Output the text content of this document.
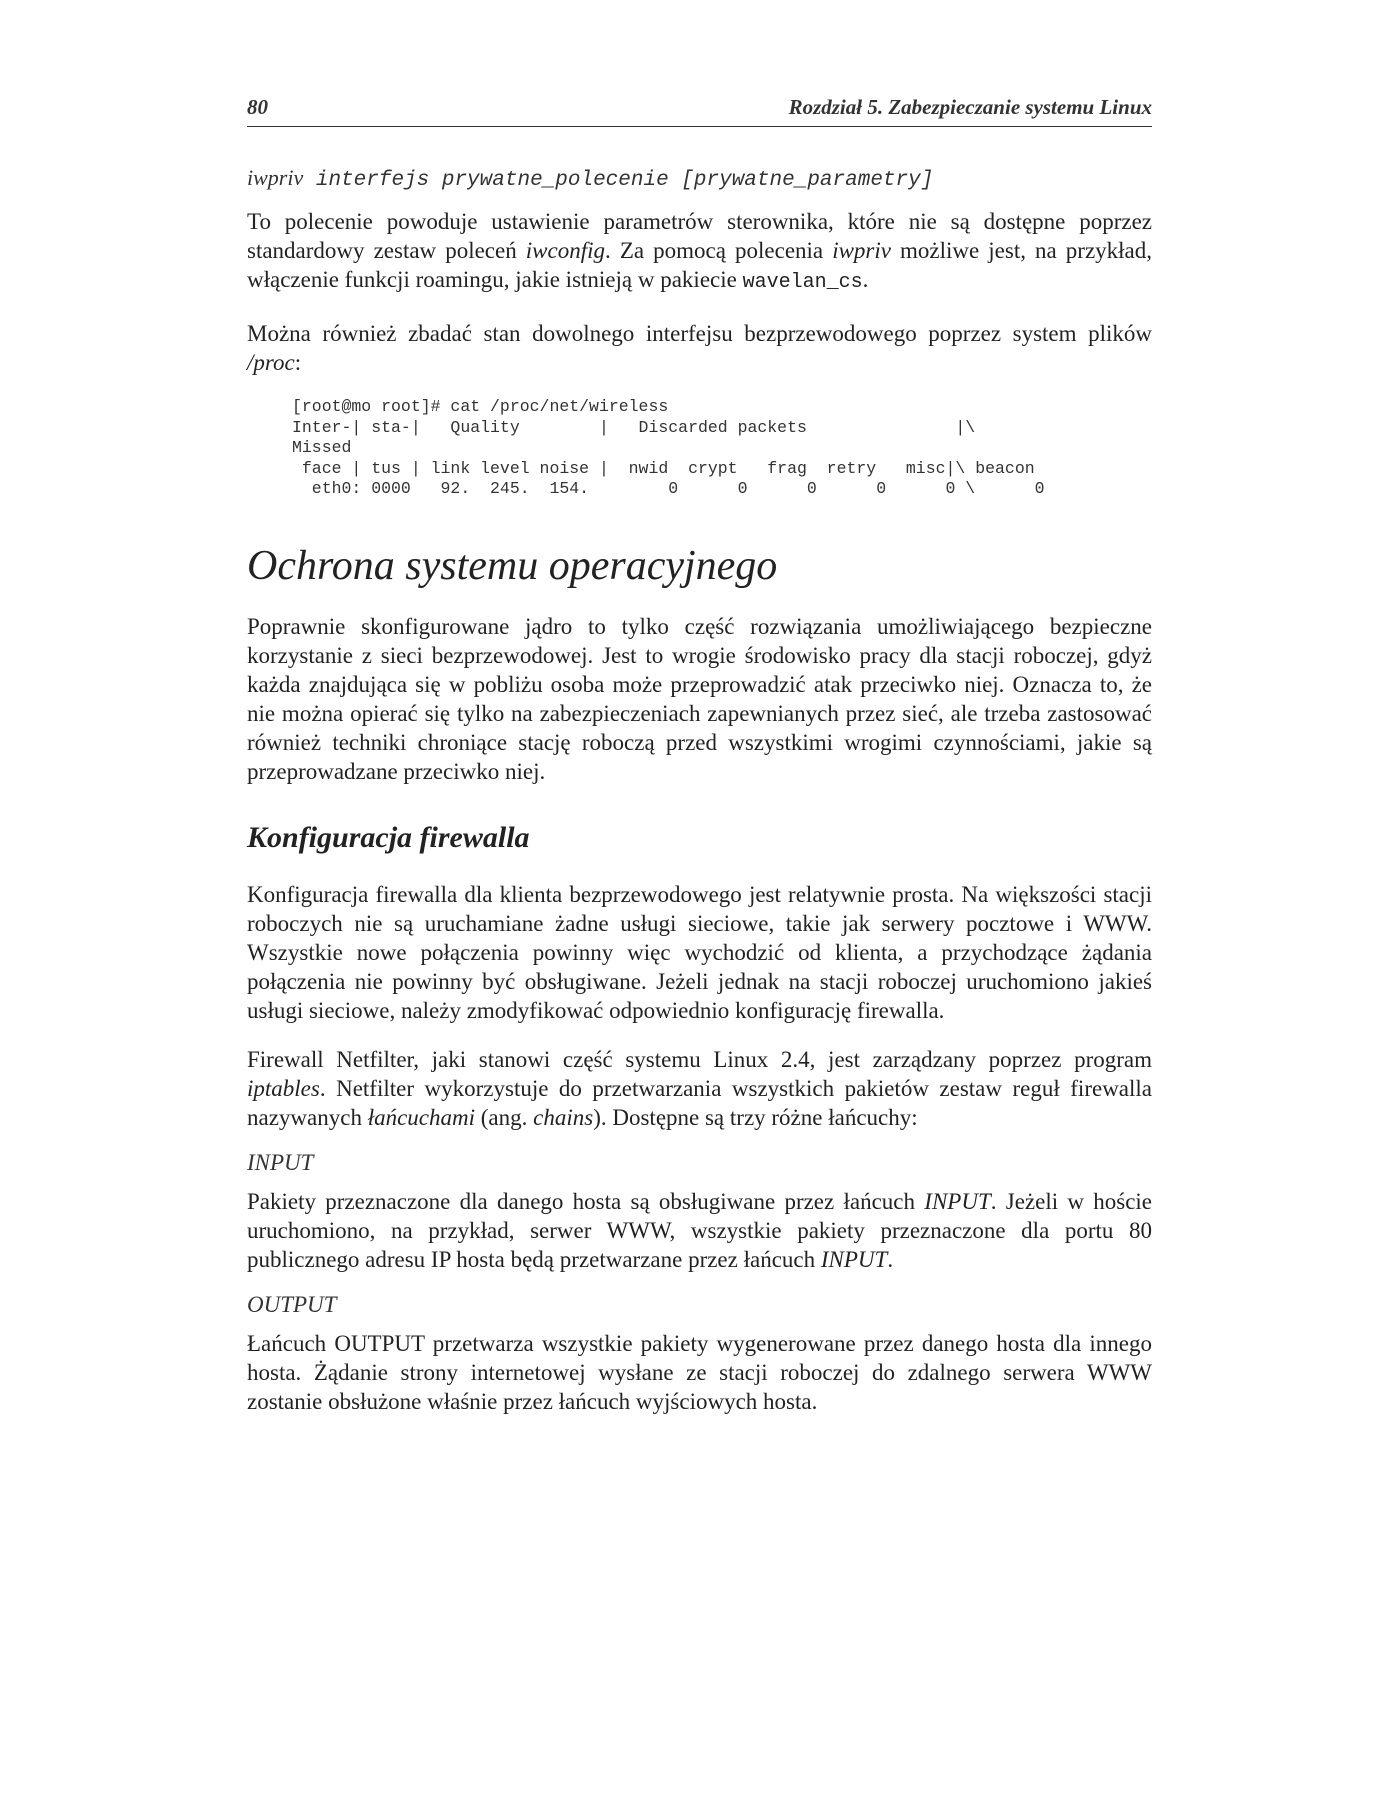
80	Rozdział 5. Zabezpieczanie systemu Linux
iwpriv interfejs prywatne_polecenie [prywatne_parametry]

To polecenie powoduje ustawienie parametrów sterownika, które nie są dostępne poprzez standardowy zestaw poleceń iwconfig. Za pomocą polecenia iwpriv możliwe jest, na przykład, włączenie funkcji roamingu, jakie istnieją w pakiecie wavelan_cs.

Można również zbadać stan dowolnego interfejsu bezprzewodowego poprzez system plików /proc:

[root@mo root]# cat /proc/net/wireless
Inter-| sta-|   Quality        |   Discarded packets               |\
Missed
face | tus | link level noise |  nwid  crypt   frag  retry   misc|\ beacon
eth0: 0000   92.  245.  154.        0      0      0      0      0 \      0
Ochrona systemu operacyjnego

Poprawnie skonfigurowane jądro to tylko część rozwiązania umożliwiającego bezpieczne korzystanie z sieci bezprzewodowej. Jest to wrogie środowisko pracy dla stacji roboczej, gdyż każda znajdująca się w pobliżu osoba może przeprowadzić atak przeciwko niej. Oznacza to, że nie można opierać się tylko na zabezpieczeniach zapewnianych przez sieć, ale trzeba zastosować również techniki chroniące stację roboczą przed wszystkimi wrogimi czynnościami, jakie są przeprowadzane przeciwko niej.

Konfiguracja firewalla

Konfiguracja firewalla dla klienta bezprzewodowego jest relatywnie prosta. Na większości stacji roboczych nie są uruchamiane żadne usługi sieciowe, takie jak serwery pocztowe i WWW. Wszystkie nowe połączenia powinny więc wychodzić od klienta, a przychodzące żądania połączenia nie powinny być obsługiwane. Jeżeli jednak na stacji roboczej uruchomiono jakieś usługi sieciowe, należy zmodyfikować odpowiednio konfigurację firewalla.

Firewall Netfilter, jaki stanowi część systemu Linux 2.4, jest zarządzany poprzez program iptables. Netfilter wykorzystuje do przetwarzania wszystkich pakietów zestaw reguł firewalla nazywanych łańcuchami (ang. chains). Dostępne są trzy różne łańcuchy:

INPUT

Pakiety przeznaczone dla danego hosta są obsługiwane przez łańcuch INPUT. Jeżeli w hoście uruchomiono, na przykład, serwer WWW, wszystkie pakiety przeznaczone dla portu 80 publicznego adresu IP hosta będą przetwarzane przez łańcuch INPUT.

OUTPUT

Łańcuch OUTPUT przetwarza wszystkie pakiety wygenerowane przez danego hosta dla innego hosta. Żądanie strony internetowej wysłane ze stacji roboczej do zdalnego serwera WWW zostanie obsłużone właśnie przez łańcuch wyjściowych hosta.
